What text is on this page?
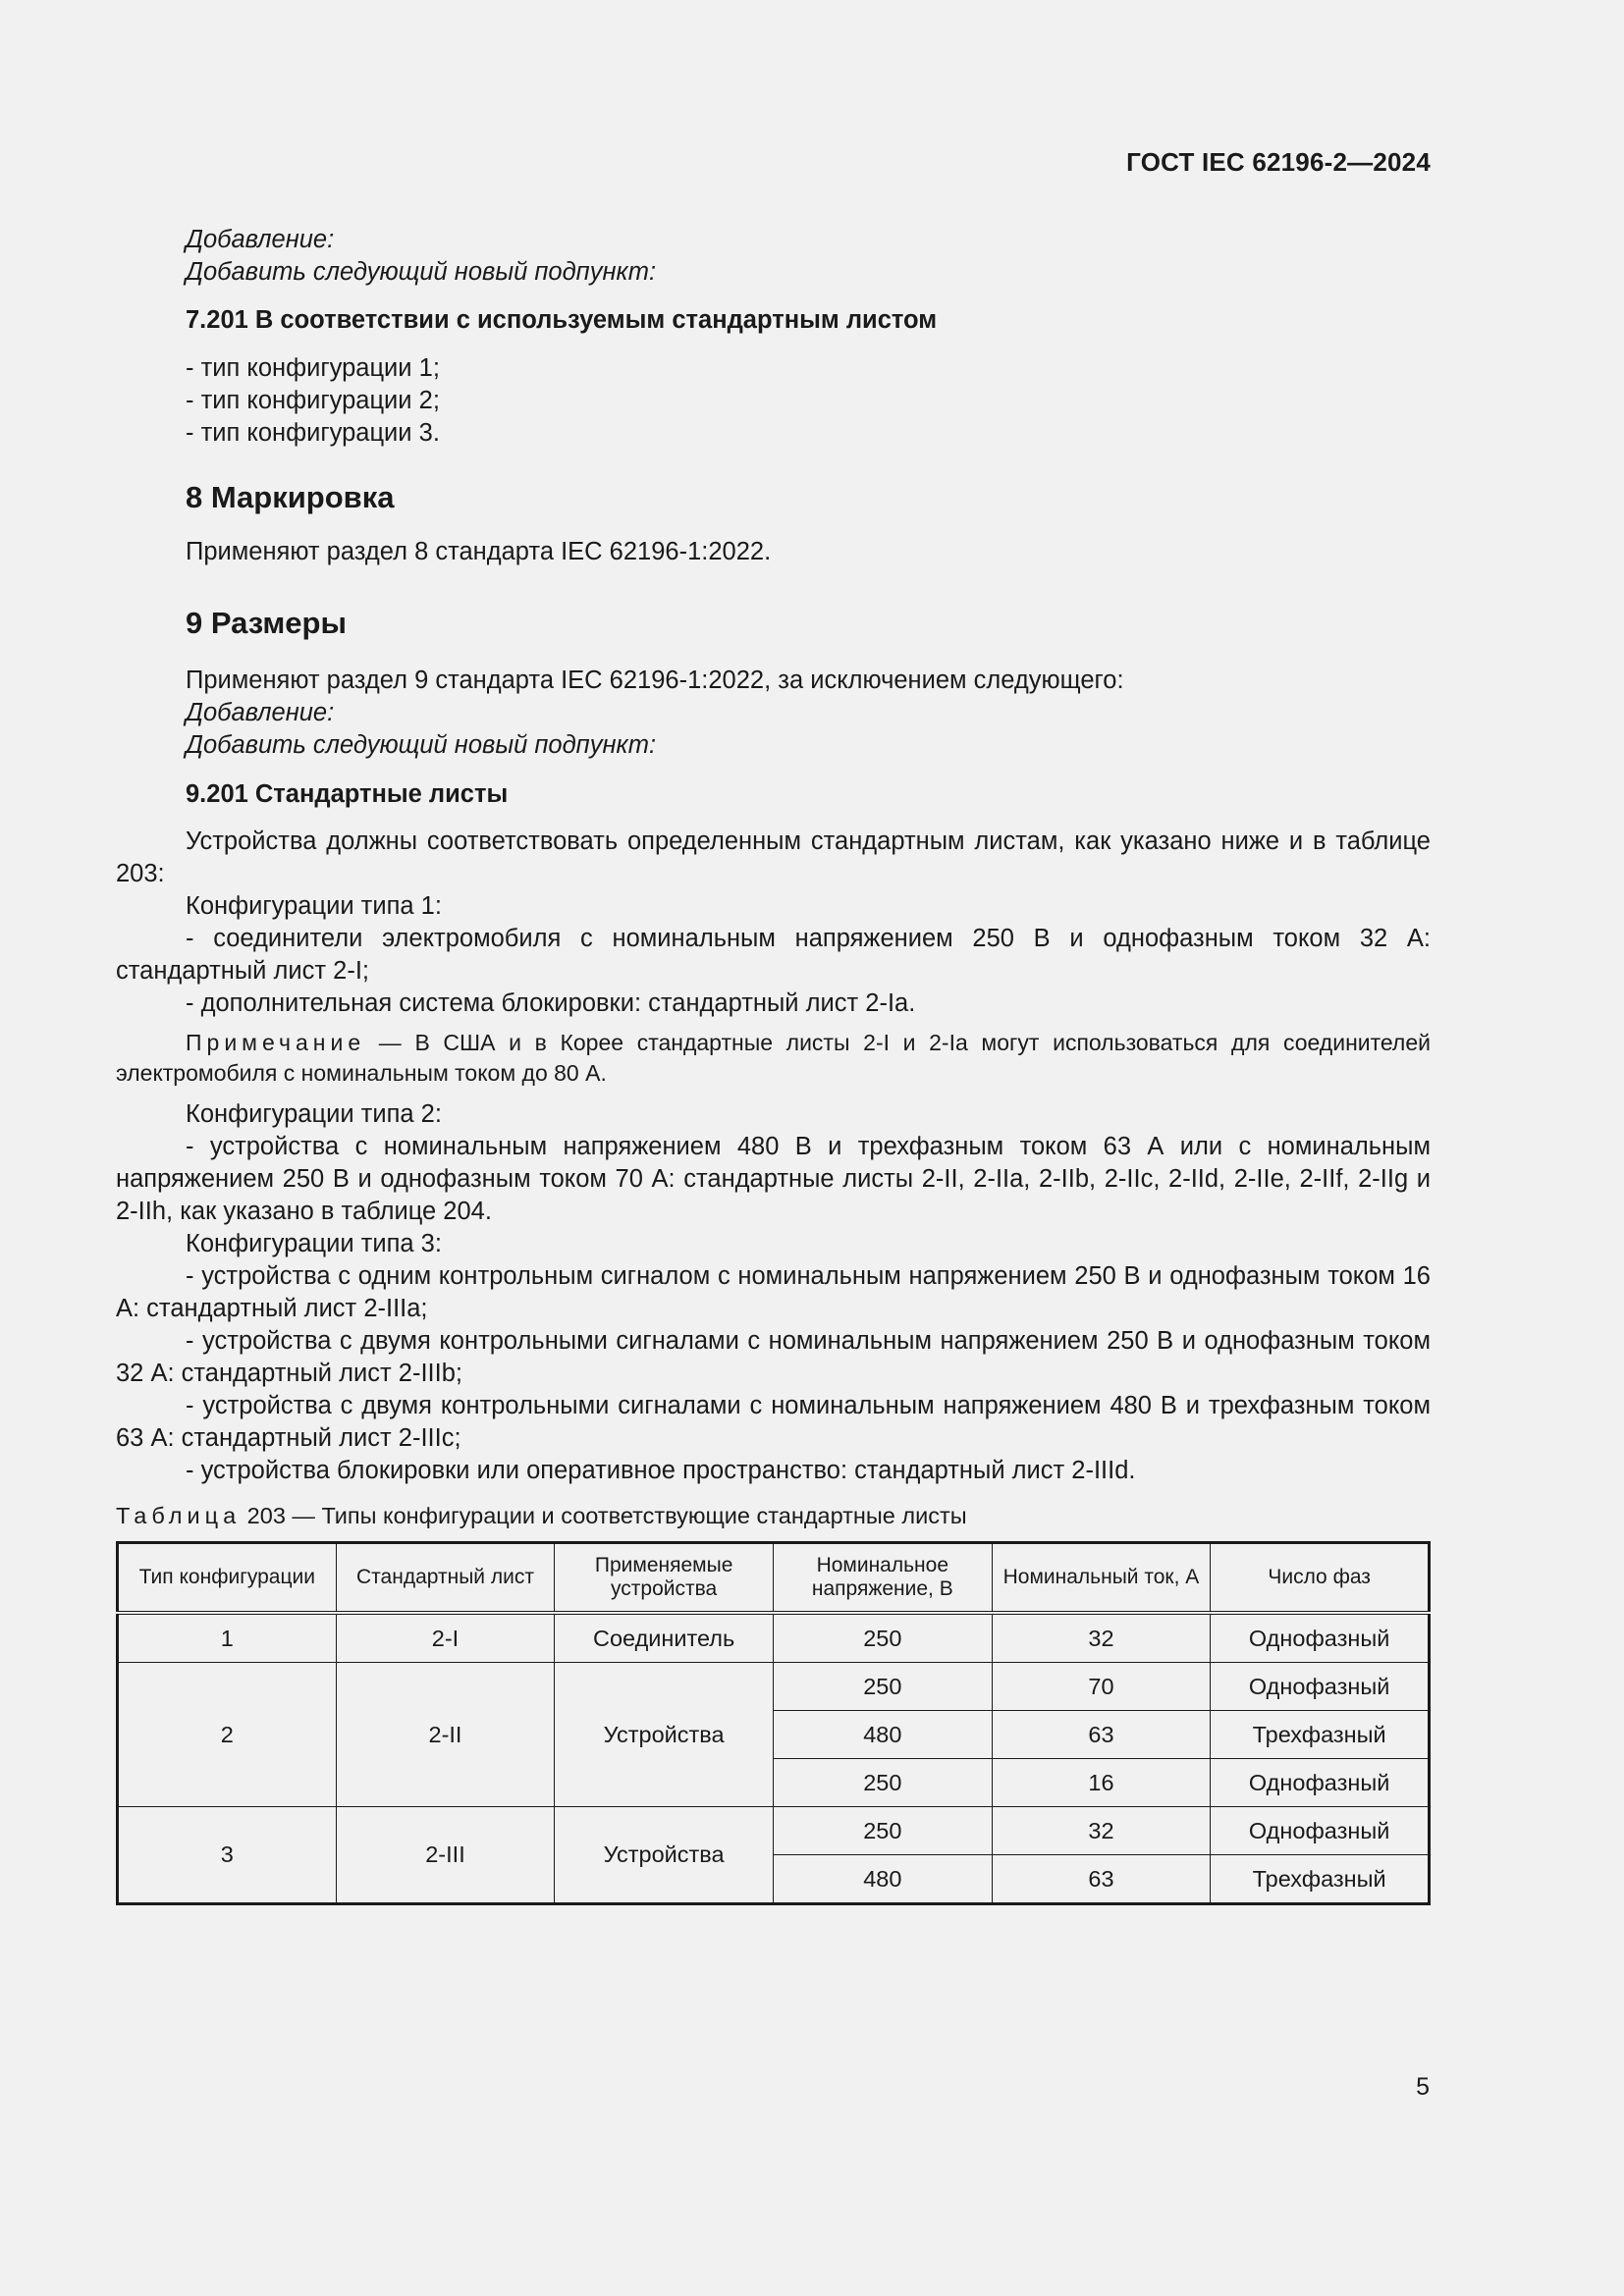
ГОСТ IEC 62196-2—2024
Добавление:
Добавить следующий новый подпункт:
7.201 В соответствии с используемым стандартным листом
- тип конфигурации 1;
- тип конфигурации 2;
- тип конфигурации 3.
8 Маркировка
Применяют раздел 8 стандарта IEC 62196-1:2022.
9 Размеры
Применяют раздел 9 стандарта IEC 62196-1:2022, за исключением следующего:
Добавление:
Добавить следующий новый подпункт:
9.201 Стандартные листы
Устройства должны соответствовать определенным стандартным листам, как указано ниже и в таблице 203:
Конфигурации типа 1:
- соединители электромобиля с номинальным напряжением 250 В и однофазным током 32 А: стандартный лист 2-I;
- дополнительная система блокировки: стандартный лист 2-Ia.
Примечание — В США и в Корее стандартные листы 2-I и 2-Ia могут использоваться для соединителей электромобиля с номинальным током до 80 А.
Конфигурации типа 2:
- устройства с номинальным напряжением 480 В и трехфазным током 63 А или с номинальным напряжением 250 В и однофазным током 70 А: стандартные листы 2-II, 2-IIa, 2-IIb, 2-IIc, 2-IId, 2-IIe, 2-IIf, 2-IIg и 2-IIh, как указано в таблице 204.
Конфигурации типа 3:
- устройства с одним контрольным сигналом с номинальным напряжением 250 В и однофазным током 16 А: стандартный лист 2-IIIa;
- устройства с двумя контрольными сигналами с номинальным напряжением 250 В и однофазным током 32 А: стандартный лист 2-IIIb;
- устройства с двумя контрольными сигналами с номинальным напряжением 480 В и трехфазным током 63 А: стандартный лист 2-IIIc;
- устройства блокировки или оперативное пространство: стандартный лист 2-IIId.
Таблица 203 — Типы конфигурации и соответствующие стандартные листы
Тип конфигурации	Стандартный лист	Применяемые устройства	Номинальное напряжение, В	Номинальный ток, А	Число фаз
1	2-I	Соединитель	250	32	Однофазный
2	2-II	Устройства	250	70	Однофазный
			480	63	Трехфазный
			250	16	Однофазный
3	2-III	Устройства	250	32	Однофазный
			480	63	Трехфазный
5
